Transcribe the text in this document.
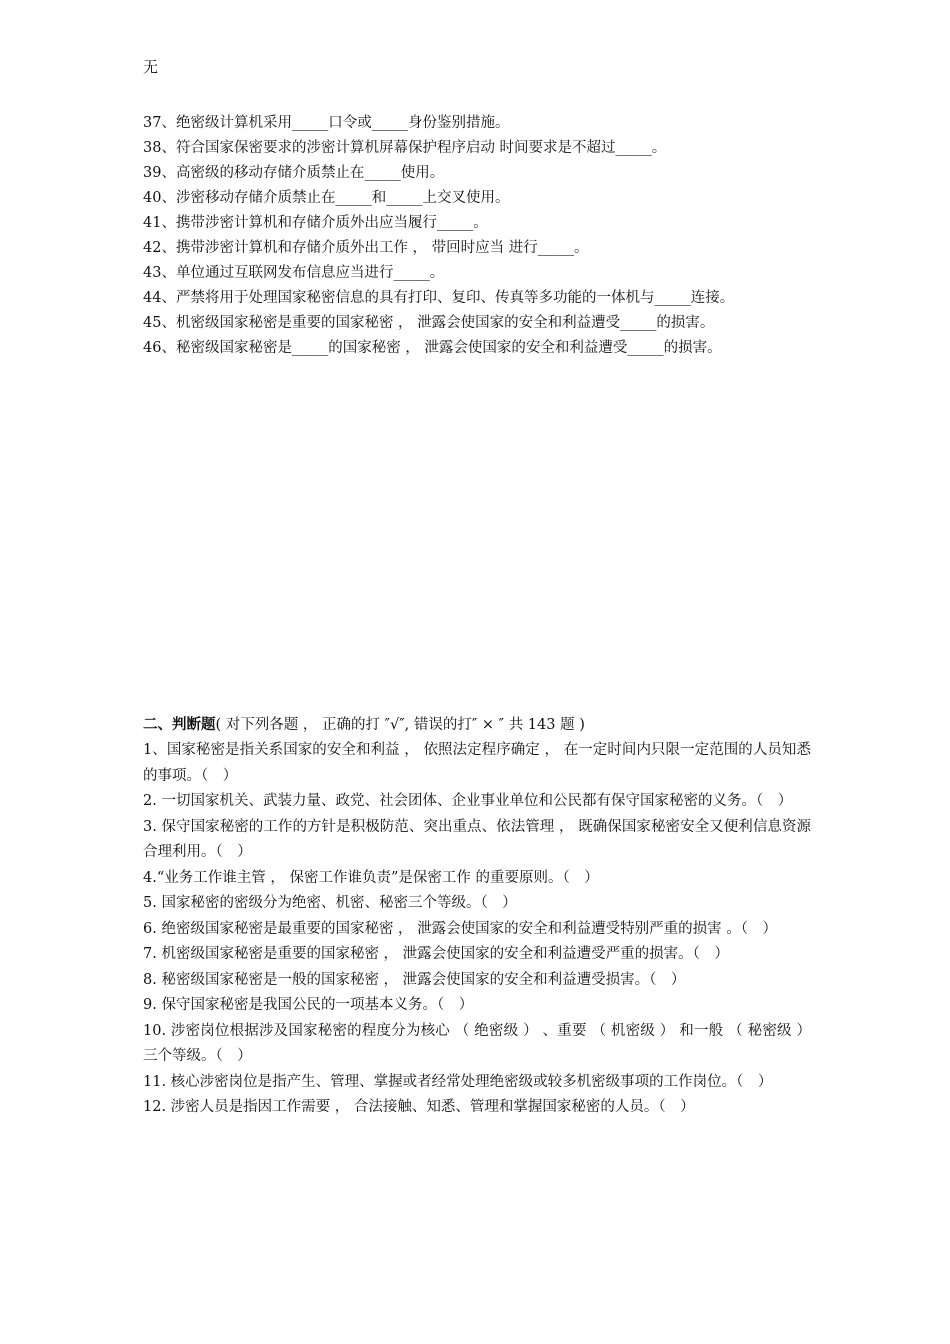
无
37、绝密级计算机采用_____口令或_____身份鉴别措施。
38、符合国家保密要求的涉密计算机屏幕保护程序启动 时间要求是不超过_____。
39、高密级的移动存储介质禁止在_____使用。
40、涉密移动存储介质禁止在_____和_____上交叉使用。
41、携带涉密计算机和存储介质外出应当履行_____。
42、携带涉密计算机和存储介质外出工作 ， 带回时应当 进行_____。
43、单位通过互联网发布信息应当进行_____。
44、严禁将用于处理国家秘密信息的具有打印、复印、传真等多功能的一体机与_____连接。
45、机密级国家秘密是重要的国家秘密 ， 泄露会使国家的安全和利益遭受_____的损害。
46、秘密级国家秘密是_____的国家秘密 ， 泄露会使国家的安全和利益遭受_____的损害。
二、判断题( 对下列各题 ， 正确的打 ″√″, 错误的打″ × ″ 共 143 题 )
1、国家秘密是指关系国家的安全和利益 ， 依照法定程序确定 ， 在一定时间内只限一定范围的人员知悉的事项。（　）
2. 一切国家机关、武装力量、政党、社会团体、企业事业单位和公民都有保守国家秘密的义务。（　）
3. 保守国家秘密的工作的方针是积极防范、突出重点、依法管理 ， 既确保国家秘密安全又便利信息资源合理利用。（　）
4.“业务工作谁主管 ， 保密工作谁负责”是保密工作 的重要原则。（　）
5. 国家秘密的密级分为绝密、机密、秘密三个等级。（　）
6. 绝密级国家秘密是最重要的国家秘密 ， 泄露会使国家的安全和利益遭受特别严重的损害 。（　）
7. 机密级国家秘密是重要的国家秘密 ， 泄露会使国家的安全和利益遭受严重的损害。（　）
8. 秘密级国家秘密是一般的国家秘密 ， 泄露会使国家的安全和利益遭受损害。（　）
9. 保守国家秘密是我国公民的一项基本义务。（　）
10. 涉密岗位根据涉及国家秘密的程度分为核心 （ 绝密级 ） 、重要 （ 机密级 ） 和一般 （ 秘密级 ） 三个等级。（　）
11. 核心涉密岗位是指产生、管理、掌握或者经常处理绝密级或较多机密级事项的工作岗位。（　）
12. 涉密人员是指因工作需要 ， 合法接触、知悉、管理和掌握国家秘密的人员。（　）
